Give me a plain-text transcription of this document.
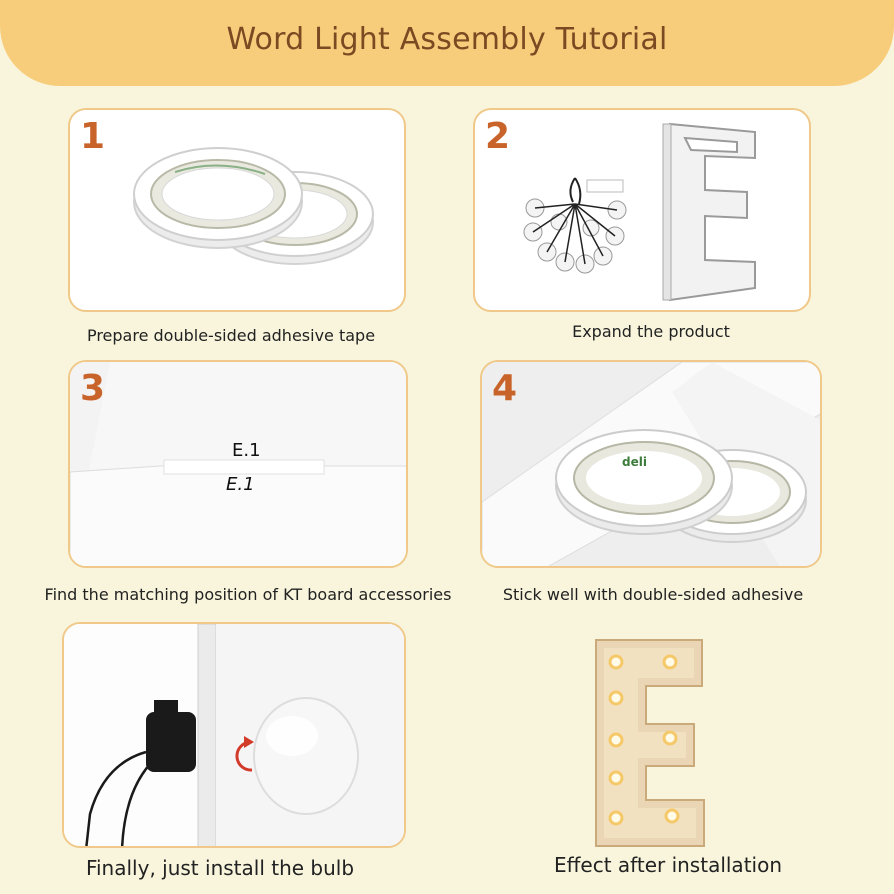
Word Light Assembly Tutorial
1
Prepare double-sided adhesive tape
2
Expand the product
3
E.1
E.1
Find the matching position of KT board accessories
4
deli
Stick well with double-sided adhesive
Finally, just install the bulb	Effect after installation
